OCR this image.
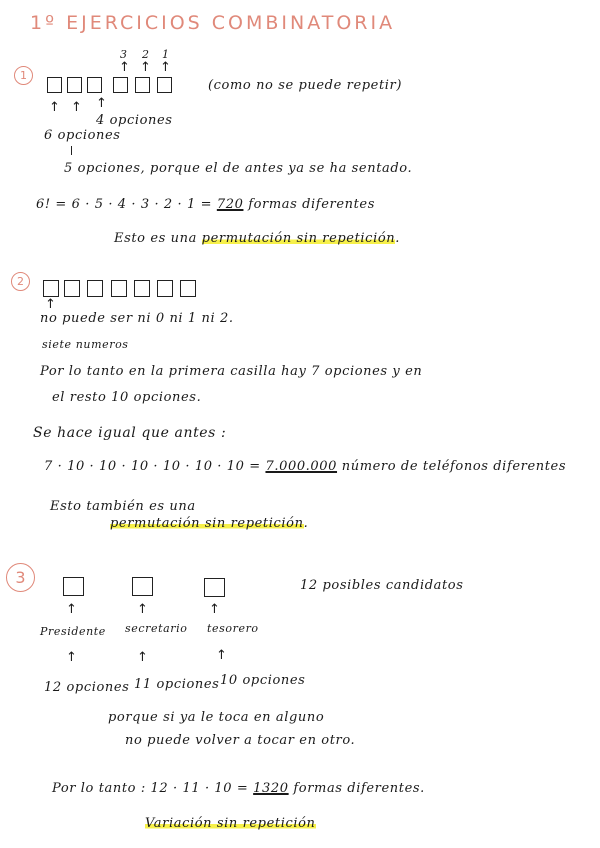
1º EJERCICIOS COMBINATORIA
1
3 2 1
↑ ↑ ↑
(como no se puede repetir)
↑ ↑ ↑
4 opciones
6 opciones
5 opciones, porque el de antes ya se ha sentado.
6! = 6 · 5 · 4 · 3 · 2 · 1 = 720 formas diferentes
Esto es una permutación sin repetición.
2
↑
no puede ser ni 0 ni 1 ni 2.
siete numeros
Por lo tanto en la primera casilla hay 7 opciones y en
el resto 10 opciones.
Se hace igual que antes :
7 · 10 · 10 · 10 · 10 · 10 · 10 = 7.000.000 número de teléfonos diferentes
Esto también es una
permutación sin repetición.
3	12 posibles candidatos
↑	↑	↑
Presidente secretario tesorero
↑	↑	↑
12 opciones 11 opciones 10 opciones
porque si ya le toca en alguno
no puede volver a tocar en otro.
Por lo tanto : 12 · 11 · 10 = 1320 formas diferentes.
Variación sin repetición
